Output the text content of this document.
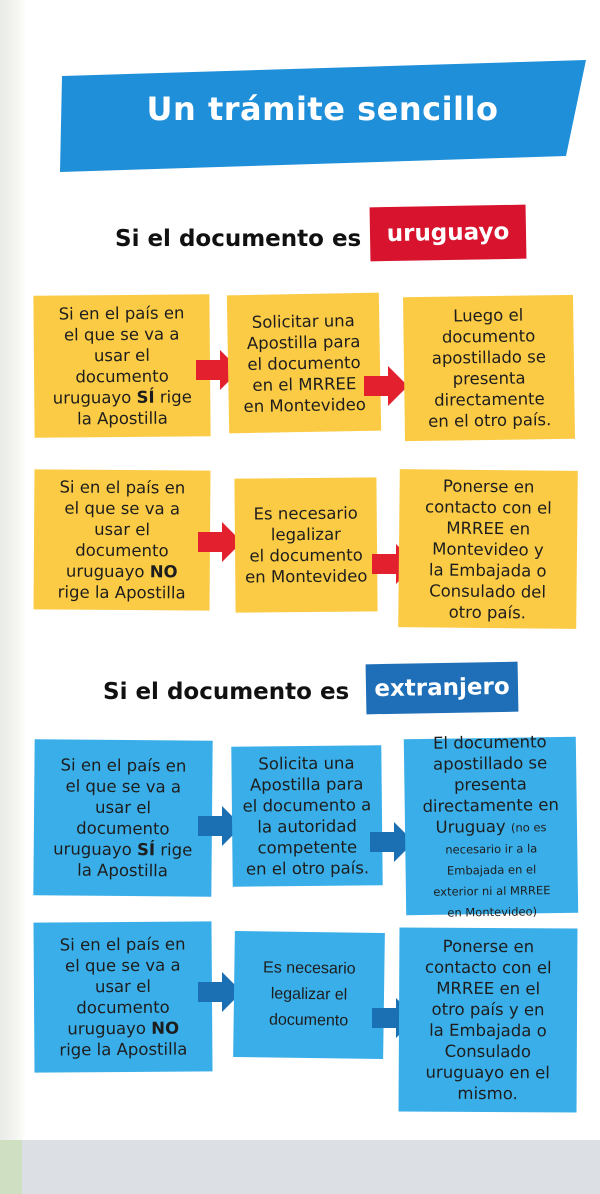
Un trámite sencillo
Si el documento es	uruguayo
Si en el país en
el que se va a
usar el
documento
uruguayo SÍ rige
la Apostilla
Solicitar una
Apostilla para
el documento
en el MRREE
en Montevideo
Luego el
documento
apostillado se
presenta
directamente
en el otro país.
Si en el país en
el que se va a
usar el
documento
uruguayo NO
rige la Apostilla
Es necesario
legalizar
el documento
en Montevideo
Ponerse en
contacto con el
MRREE en
Montevideo y
la Embajada o
Consulado del
otro país.
Si el documento es	extranjero
Si en el país en
el que se va a
usar el
documento
uruguayo SÍ rige
la Apostilla
Solicita una
Apostilla para
el documento a
la autoridad
competente
en el otro país.
El documento
apostillado se
presenta
directamente en
Uruguay (no es
necesario ir a la
Embajada en el
exterior ni al MRREE
en Montevideo)
Si en el país en
el que se va a
usar el
documento
uruguayo NO
rige la Apostilla
Es necesario
legalizar el
documento
Ponerse en
contacto con el
MRREE en el
otro país y en
la Embajada o
Consulado
uruguayo en el
mismo.
